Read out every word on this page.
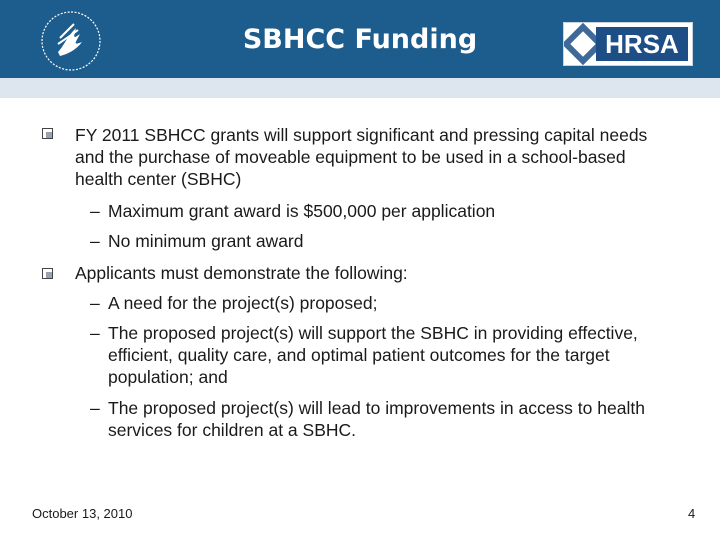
SBHCC Funding	HRSA
FY 2011 SBHCC grants will support significant and pressing capital needs and the purchase of moveable equipment to be used in a school-based health center (SBHC)
– Maximum grant award is $500,000 per application
– No minimum grant award
Applicants must demonstrate the following:
– A need for the project(s) proposed;
– The proposed project(s) will support the SBHC in providing effective, efficient, quality care, and optimal patient outcomes for the target population; and
– The proposed project(s) will lead to improvements in access to health services for children at a SBHC.
October 13, 2010	4
